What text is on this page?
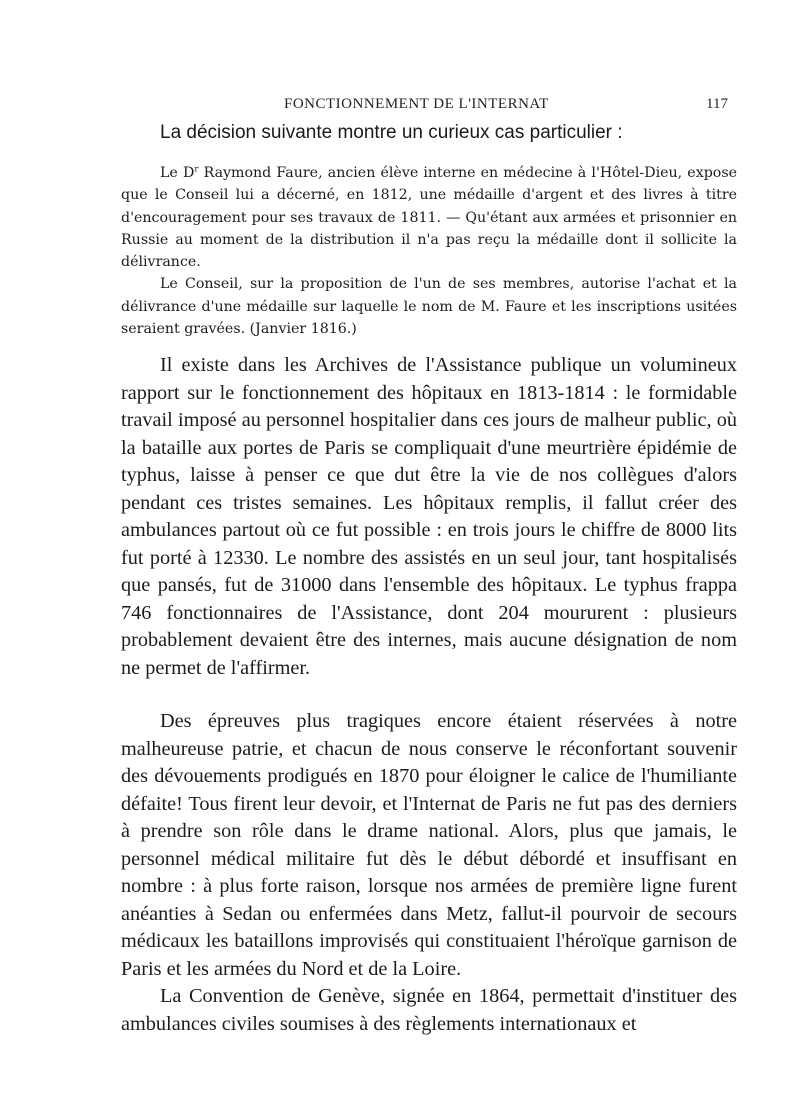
FONCTIONNEMENT DE L'INTERNAT	117
La décision suivante montre un curieux cas particulier :

Le $D^r$ Raymond Faure, ancien élève interne en médecine à l'Hôtel-Dieu, expose que le Conseil lui a décerné, en 1812, une médaille d'argent et des livres à titre d'encouragement pour ses travaux de 1811. — Qu'étant aux armées et prisonnier en Russie au moment de la distribution il n'a pas reçu la médaille dont il sollicite la délivrance.

Le Conseil, sur la proposition de l'un de ses membres, autorise l'achat et la délivrance d'une médaille sur laquelle le nom de M. Faure et les inscriptions usitées seraient gravées. (Janvier 1816.)

Il existe dans les Archives de l'Assistance publique un volumineux rapport sur le fonctionnement des hôpitaux en 1813-1814 : le formidable travail imposé au personnel hospitalier dans ces jours de malheur public, où la bataille aux portes de Paris se compliquait d'une meurtrière épidémie de typhus, laisse à penser ce que dut être la vie de nos collègues d'alors pendant ces tristes semaines. Les hôpitaux remplis, il fallut créer des ambulances partout où ce fut possible : en trois jours le chiffre de 8000 lits fut porté à 12330. Le nombre des assistés en un seul jour, tant hospitalisés que pansés, fut de 31000 dans l'ensemble des hôpitaux. Le typhus frappa 746 fonctionnaires de l'Assistance, dont 204 moururent : plusieurs probablement devaient être des internes, mais aucune désignation de nom ne permet de l'affirmer.

Des épreuves plus tragiques encore étaient réservées à notre malheureuse patrie, et chacun de nous conserve le réconfortant souvenir des dévouements prodigués en 1870 pour éloigner le calice de l'humiliante défaite! Tous firent leur devoir, et l'Internat de Paris ne fut pas des derniers à prendre son rôle dans le drame national. Alors, plus que jamais, le personnel médical militaire fut dès le début débordé et insuffisant en nombre : à plus forte raison, lorsque nos armées de première ligne furent anéanties à Sedan ou enfermées dans Metz, fallut-il pourvoir de secours médicaux les bataillons improvisés qui constituaient l'héroïque garnison de Paris et les armées du Nord et de la Loire.

La Convention de Genève, signée en 1864, permettait d'instituer des ambulances civiles soumises à des règlements internationaux et
